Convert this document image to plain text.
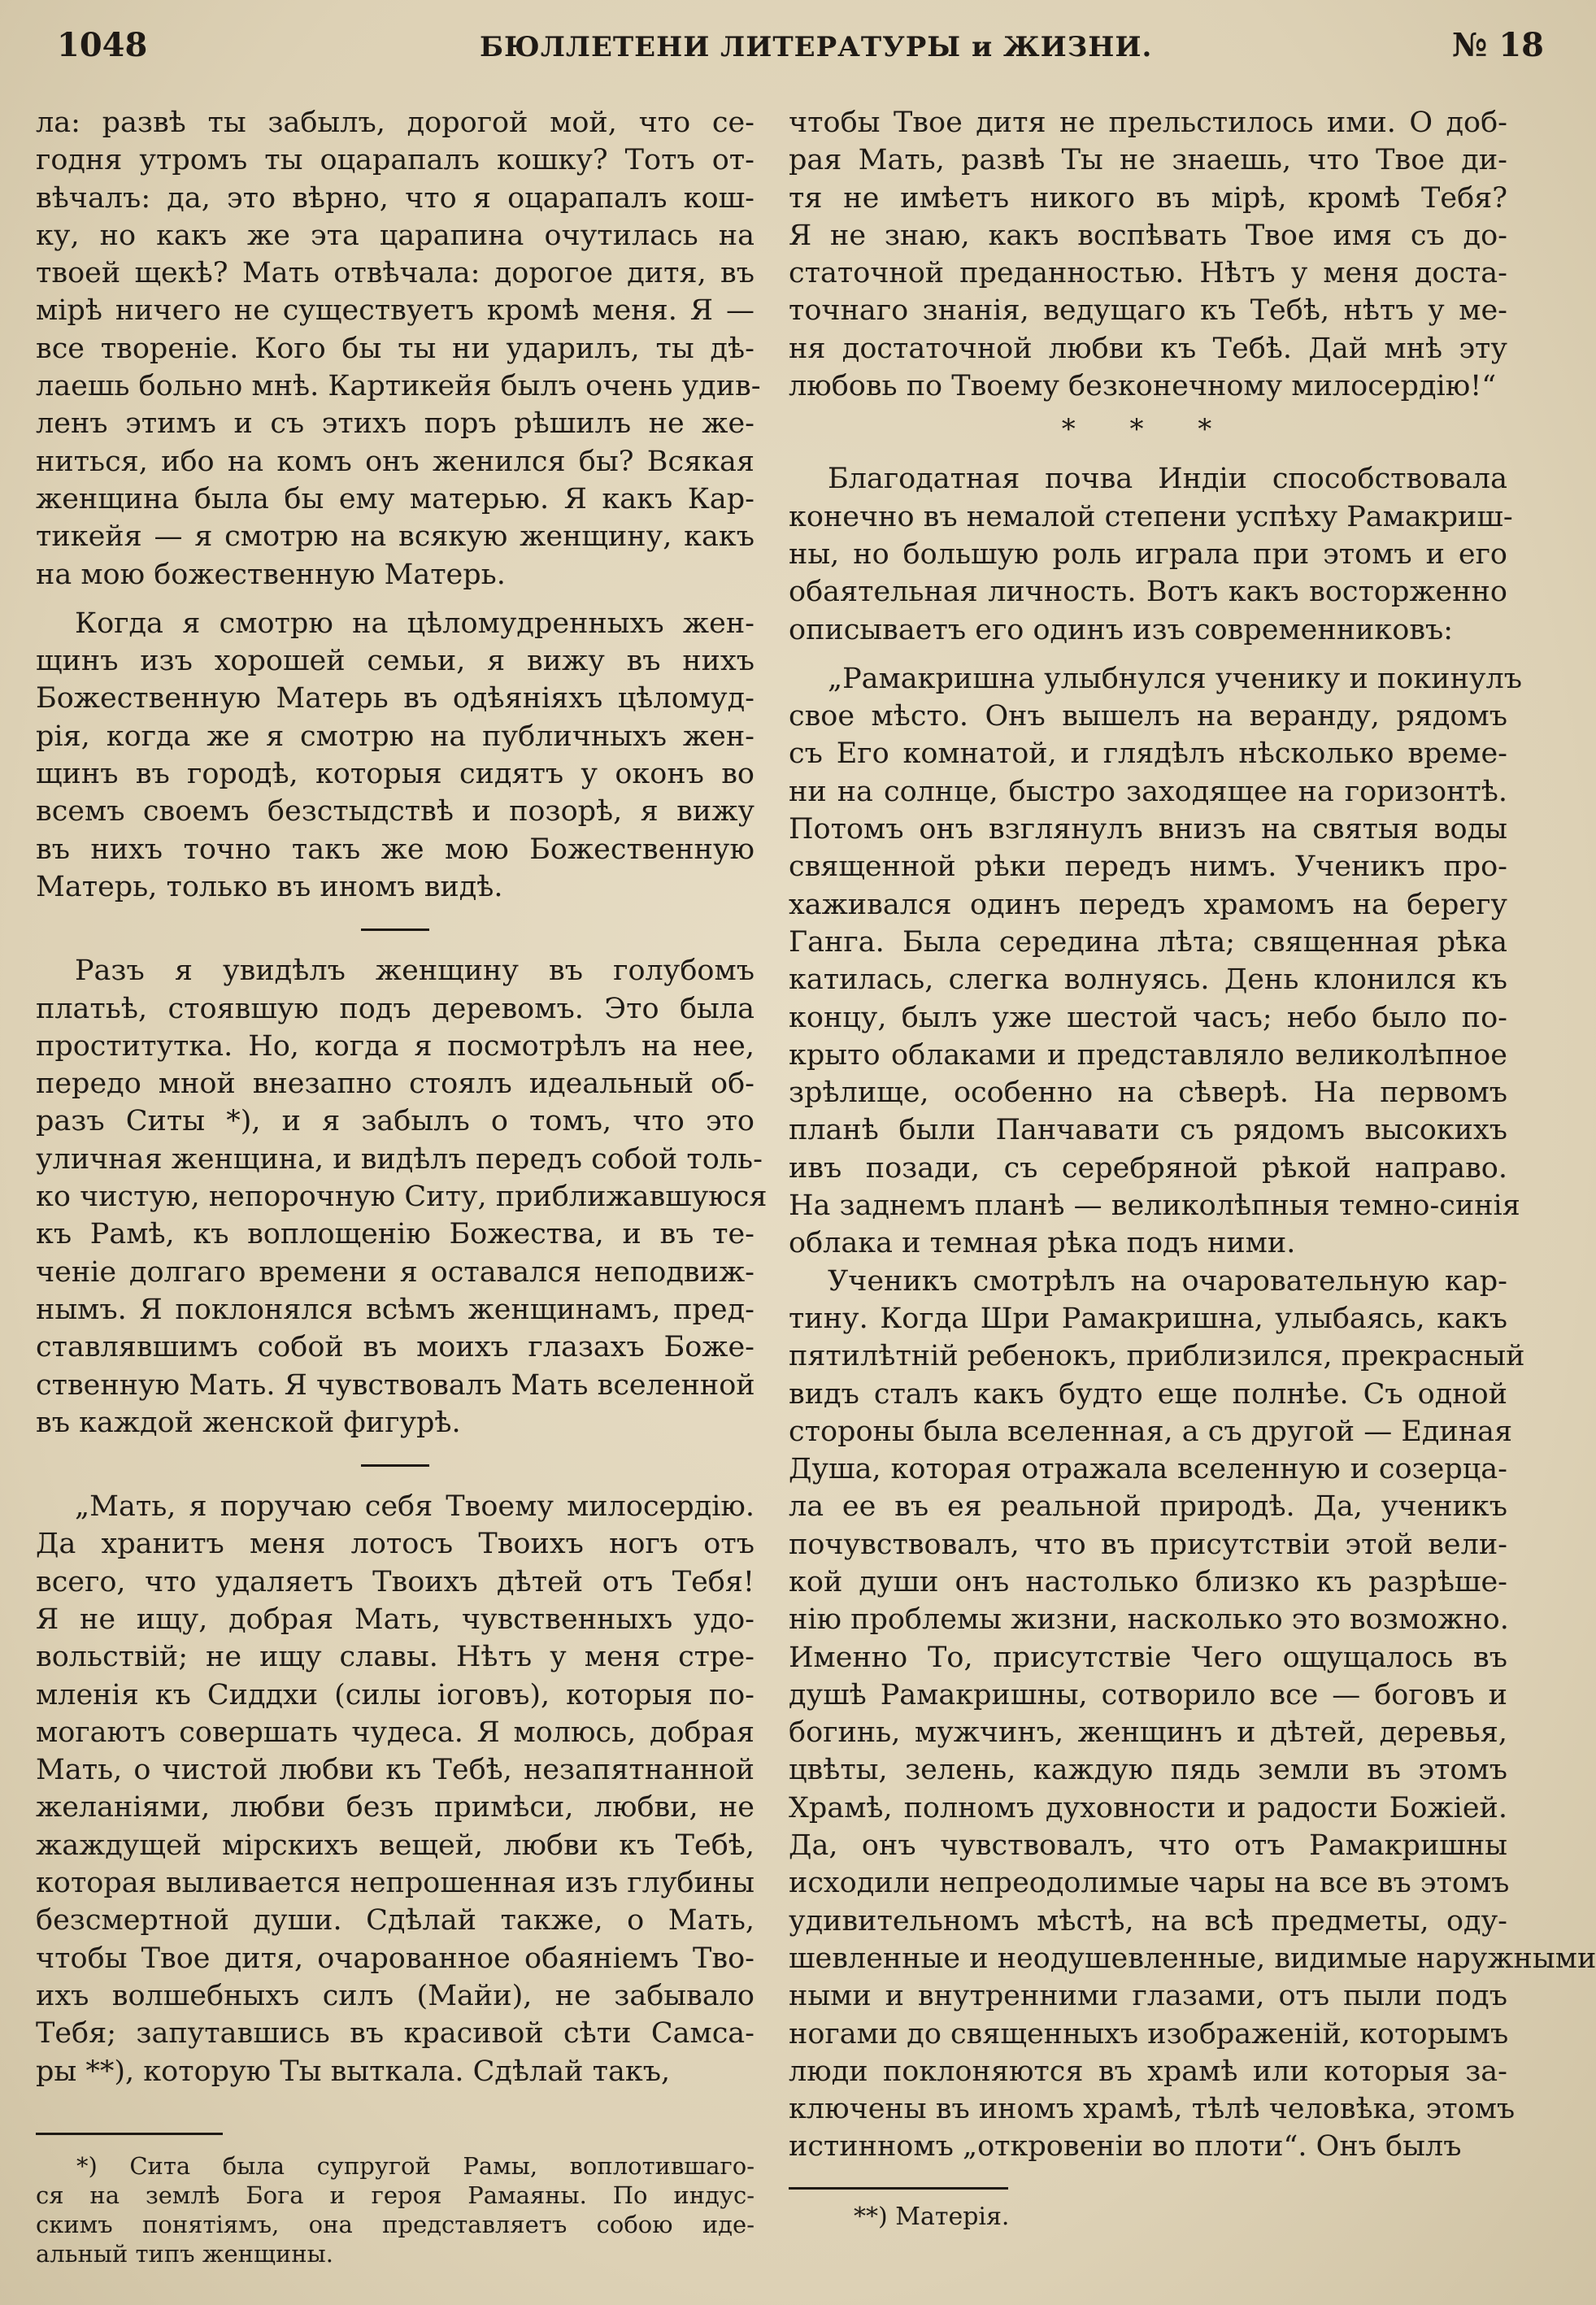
1048	БЮЛЛЕТЕНИ ЛИТЕРАТУРЫ и ЖИЗНИ.	№ 18
ла: развѣ ты забылъ, дорогой мой, что се-
годня утромъ ты оцарапалъ кошку? Тотъ от-
вѣчалъ: да, это вѣрно, что я оцарапалъ кош-
ку, но какъ же эта царапина очутилась на
твоей щекѣ? Мать отвѣчала: дорогое дитя, въ
мірѣ ничего не существуетъ кромѣ меня. Я —
все твореніе. Кого бы ты ни ударилъ, ты дѣ-
лаешь больно мнѣ. Картикейя былъ очень удив-
ленъ этимъ и съ этихъ поръ рѣшилъ не же-
ниться, ибо на комъ онъ женился бы? Всякая
женщина была бы ему матерью. Я какъ Кар-
тикейя — я смотрю на всякую женщину, какъ
на мою божественную Матерь.
Когда я смотрю на цѣломудренныхъ жен-
щинъ изъ хорошей семьи, я вижу въ нихъ
Божественную Матерь въ одѣяніяхъ цѣломуд-
рія, когда же я смотрю на публичныхъ жен-
щинъ въ городѣ, которыя сидятъ у оконъ во
всемъ своемъ безстыдствѣ и позорѣ, я вижу
въ нихъ точно такъ же мою Божественную
Матерь, только въ иномъ видѣ.
Разъ я увидѣлъ женщину въ голубомъ
платьѣ, стоявшую подъ деревомъ. Это была
проститутка. Но, когда я посмотрѣлъ на нее,
передо мной внезапно стоялъ идеальный об-
разъ Ситы *), и я забылъ о томъ, что это
уличная женщина, и видѣлъ передъ собой толь-
ко чистую, непорочную Ситу, приближавшуюся
къ Рамѣ, къ воплощенію Божества, и въ те-
ченіе долгаго времени я оставался неподвиж-
нымъ. Я поклонялся всѣмъ женщинамъ, пред-
ставлявшимъ собой въ моихъ глазахъ Боже-
ственную Мать. Я чувствовалъ Мать вселенной
въ каждой женской фигурѣ.
„Мать, я поручаю себя Твоему милосердію.
Да хранитъ меня лотосъ Твоихъ ногъ отъ
всего, что удаляетъ Твоихъ дѣтей отъ Тебя!
Я не ищу, добрая Мать, чувственныхъ удо-
вольствій; не ищу славы. Нѣтъ у меня стре-
мленія къ Сиддхи (силы іоговъ), которыя по-
могаютъ совершать чудеса. Я молюсь, добрая
Мать, о чистой любви къ Тебѣ, незапятнанной
желаніями, любви безъ примѣси, любви, не
жаждущей мірскихъ вещей, любви къ Тебѣ,
которая выливается непрошенная изъ глубины
безсмертной души. Сдѣлай также, о Мать,
чтобы Твое дитя, очарованное обаяніемъ Тво-
ихъ волшебныхъ силъ (Майи), не забывало
Тебя; запутавшись въ красивой сѣти Самса-
ры **), которую Ты выткала. Сдѣлай такъ,
*) Сита была супругой Рамы, воплотившаго-
ся на землѣ Бога и героя Рамаяны. По индус-
скимъ понятіямъ, она представляетъ собою иде-
альный типъ женщины.
чтобы Твое дитя не прельстилось ими. О доб-
рая Мать, развѣ Ты не знаешь, что Твое ди-
тя не имѣетъ никого въ мірѣ, кромѣ Тебя?
Я не знаю, какъ воспѣвать Твое имя съ до-
статочной преданностью. Нѣтъ у меня доста-
точнаго знанія, ведущаго къ Тебѣ, нѣтъ у ме-
ня достаточной любви къ Тебѣ. Дай мнѣ эту
любовь по Твоему безконечному милосердію!“
* * *
Благодатная почва Индіи способствовала
конечно въ немалой степени успѣху Рамакриш-
ны, но большую роль играла при этомъ и его
обаятельная личность. Вотъ какъ восторженно
описываетъ его одинъ изъ современниковъ:
„Рамакришна улыбнулся ученику и покинулъ
свое мѣсто. Онъ вышелъ на веранду, рядомъ
съ Его комнатой, и глядѣлъ нѣсколько време-
ни на солнце, быстро заходящее на горизонтѣ.
Потомъ онъ взглянулъ внизъ на святыя воды
священной рѣки передъ нимъ. Ученикъ про-
хаживался одинъ передъ храмомъ на берегу
Ганга. Была середина лѣта; священная рѣка
катилась, слегка волнуясь. День клонился къ
концу, былъ уже шестой часъ; небо было по-
крыто облаками и представляло великолѣпное
зрѣлище, особенно на сѣверѣ. На первомъ
планѣ были Панчавати съ рядомъ высокихъ
ивъ позади, съ серебряной рѣкой направо.
На заднемъ планѣ — великолѣпныя темно-синія
облака и темная рѣка подъ ними.
Ученикъ смотрѣлъ на очаровательную кар-
тину. Когда Шри Рамакришна, улыбаясь, какъ
пятилѣтній ребенокъ, приблизился, прекрасный
видъ сталъ какъ будто еще полнѣе. Съ одной
стороны была вселенная, а съ другой — Единая
Душа, которая отражала вселенную и созерца-
ла ее въ ея реальной природѣ. Да, ученикъ
почувствовалъ, что въ присутствіи этой вели-
кой души онъ настолько близко къ разрѣше-
нію проблемы жизни, насколько это возможно.
Именно То, присутствіе Чего ощущалось въ
душѣ Рамакришны, сотворило все — боговъ и
богинь, мужчинъ, женщинъ и дѣтей, деревья,
цвѣты, зелень, каждую пядь земли въ этомъ
Храмѣ, полномъ духовности и радости Божіей.
Да, онъ чувствовалъ, что отъ Рамакришны
исходили непреодолимые чары на все въ этомъ
удивительномъ мѣстѣ, на всѣ предметы, оду-
шевленные и неодушевленные, видимые наружными
ными и внутренними глазами, отъ пыли подъ
ногами до священныхъ изображеній, которымъ
люди поклоняются въ храмѣ или которыя за-
ключены въ иномъ храмѣ, тѣлѣ человѣка, этомъ
истинномъ „откровеніи во плоти“. Онъ былъ
**) Матерія.
